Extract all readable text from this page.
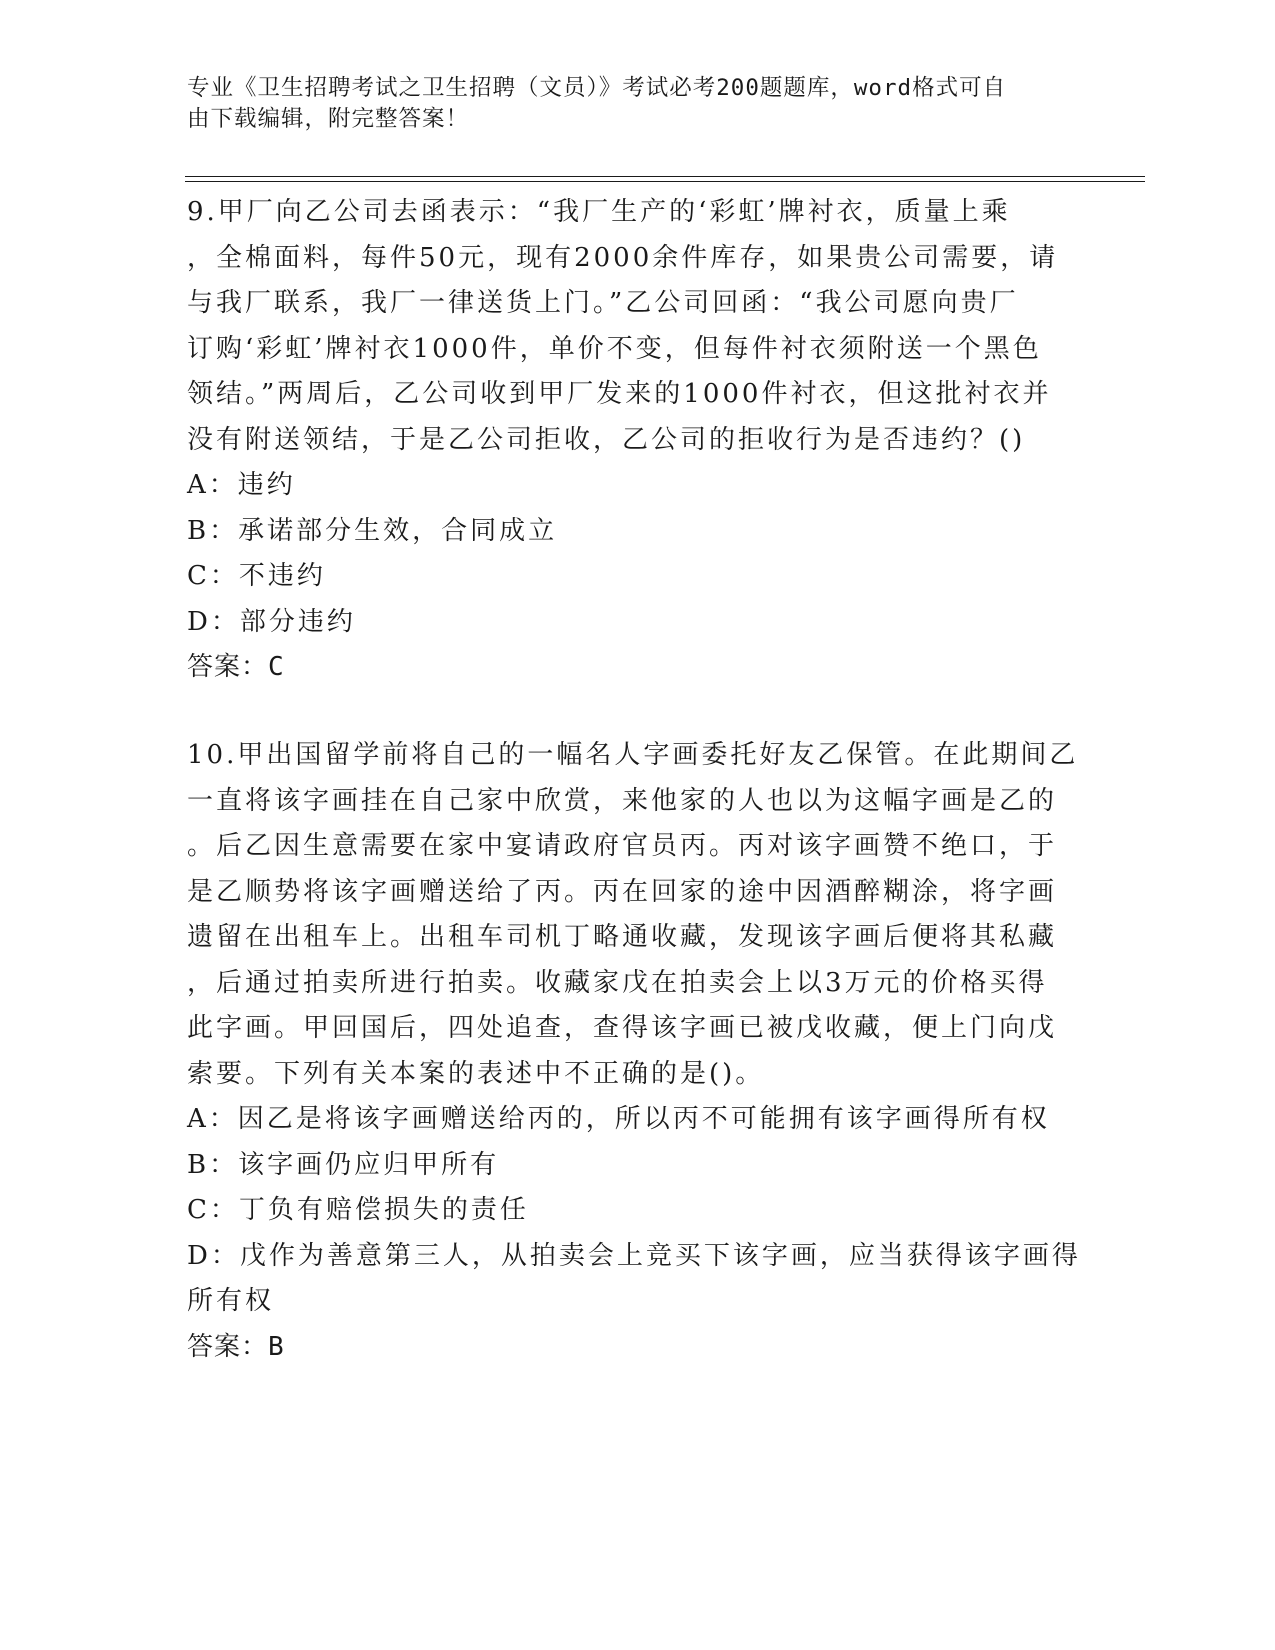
专业《卫生招聘考试之卫生招聘（文员）》考试必考200题题库，word格式可自
由下载编辑，附完整答案！
9.甲厂向乙公司去函表示：“我厂生产的‘彩虹’牌衬衣，质量上乘
，全棉面料，每件50元，现有2000余件库存，如果贵公司需要，请
与我厂联系，我厂一律送货上门。”乙公司回函：“我公司愿向贵厂
订购‘彩虹’牌衬衣1000件，单价不变，但每件衬衣须附送一个黑色
领结。”两周后，乙公司收到甲厂发来的1000件衬衣，但这批衬衣并
没有附送领结，于是乙公司拒收，乙公司的拒收行为是否违约？()
A：违约
B：承诺部分生效，合同成立
C：不违约
D：部分违约
答案：C
10.甲出国留学前将自己的一幅名人字画委托好友乙保管。在此期间乙
一直将该字画挂在自己家中欣赏，来他家的人也以为这幅字画是乙的
。后乙因生意需要在家中宴请政府官员丙。丙对该字画赞不绝口，于
是乙顺势将该字画赠送给了丙。丙在回家的途中因酒醉糊涂，将字画
遗留在出租车上。出租车司机丁略通收藏，发现该字画后便将其私藏
，后通过拍卖所进行拍卖。收藏家戊在拍卖会上以3万元的价格买得
此字画。甲回国后，四处追查，查得该字画已被戊收藏，便上门向戊
索要。下列有关本案的表述中不正确的是()。
A：因乙是将该字画赠送给丙的，所以丙不可能拥有该字画得所有权
B：该字画仍应归甲所有
C：丁负有赔偿损失的责任
D：戊作为善意第三人，从拍卖会上竞买下该字画，应当获得该字画得
所有权
答案：B
